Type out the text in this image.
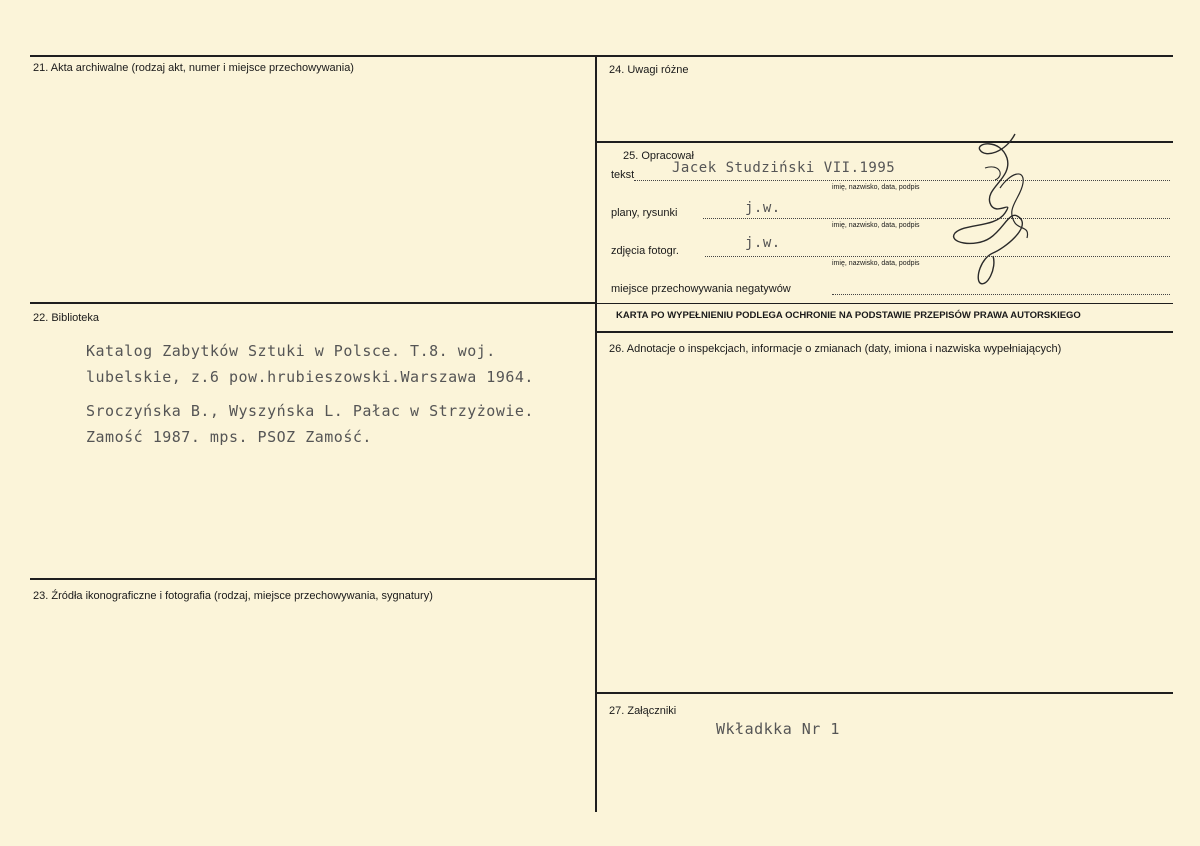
21. Akta archiwalne (rodzaj akt, numer i miejsce przechowywania)
22. Biblioteka
Katalog Zabytków Sztuki w Polsce. T.8. woj.
lubelskie, z.6 pow.hrubieszowski.Warszawa 1964.
Sroczyńska B., Wyszyńska L. Pałac w Strzyżowie.
Zamość 1987. mps. PSOZ Zamość.
23. Źródła ikonograficzne i fotografia (rodzaj, miejsce przechowywania, sygnatury)
24. Uwagi różne
25. Opracował
tekst	Jacek Studziński VII.1995
imię, nazwisko, data, podpis
plany, rysunki	j.w.
imię, nazwisko, data, podpis
zdjęcia fotogr.	j.w.
imię, nazwisko, data, podpis
miejsce przechowywania negatywów
KARTA PO WYPEŁNIENIU PODLEGA OCHRONIE NA PODSTAWIE PRZEPISÓW PRAWA AUTORSKIEGO
26. Adnotacje o inspekcjach, informacje o zmianach (daty, imiona i nazwiska wypełniających)
27. Załączniki
Wkładkka Nr 1
